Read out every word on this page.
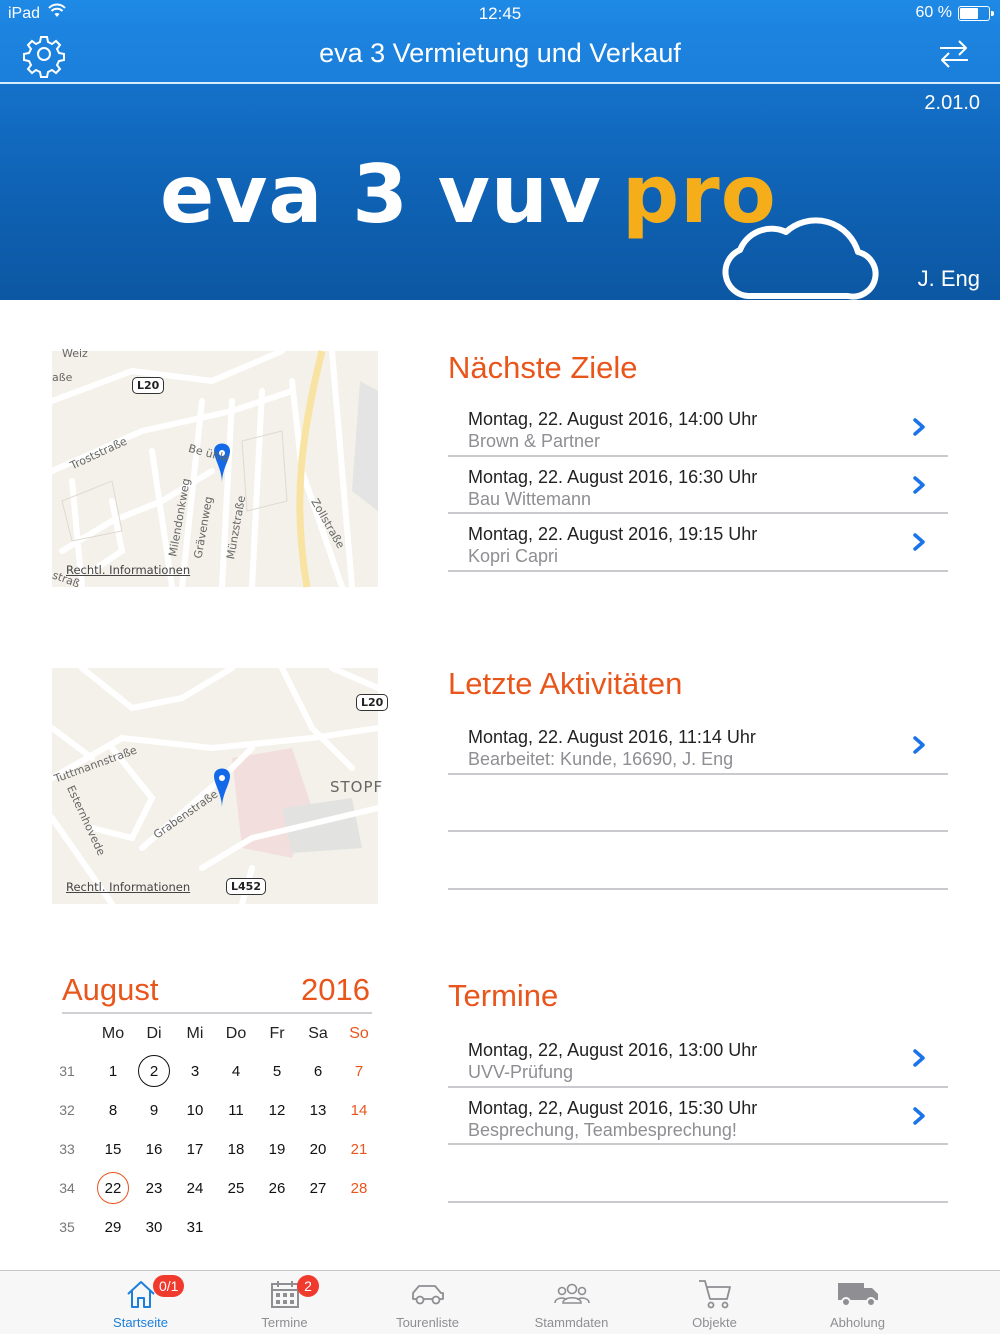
iPad	12:45	60 %
eva 3 Vermietung und Verkauf
2.01.0
eva 3 vuv pro
J. Eng
Weiz
aße
L20
Troststraße	Be ühle
Milendonkweg
Grävenweg Münzstraße	Zollstraße
straß
Rechtl. Informationen
L20
Tuttmannstraße
Esternhovede	Grabenstraße
STOPF
L452
Rechtl. Informationen
Nächste Ziele
Montag, 22. August 2016, 14:00 Uhr
Brown & Partner
Montag, 22. August 2016, 16:30 Uhr
Bau Wittemann
Montag, 22. August 2016, 19:15 Uhr
Kopri Capri
Letzte Aktivitäten
Montag, 22. August 2016, 11:14 Uhr
Bearbeitet: Kunde, 16690, J. Eng
Termine
Montag, 22, August 2016, 13:00 Uhr
UVV-Prüfung
Montag, 22, August 2016, 15:30 Uhr
Besprechung, Teambesprechung!
August	2016
Mo	Di	Mi	Do	Fr	Sa	So
31	1	2	3	4	5	6	7
32	8	9	10	11	12	13	14
33	15	16	17	18	19	20	21
34	22	23	24	25	26	27	28
35	29	30	31
0/1
Startseite
2
Termine	Tourenliste	Stammdaten	Objekte	Abholung
